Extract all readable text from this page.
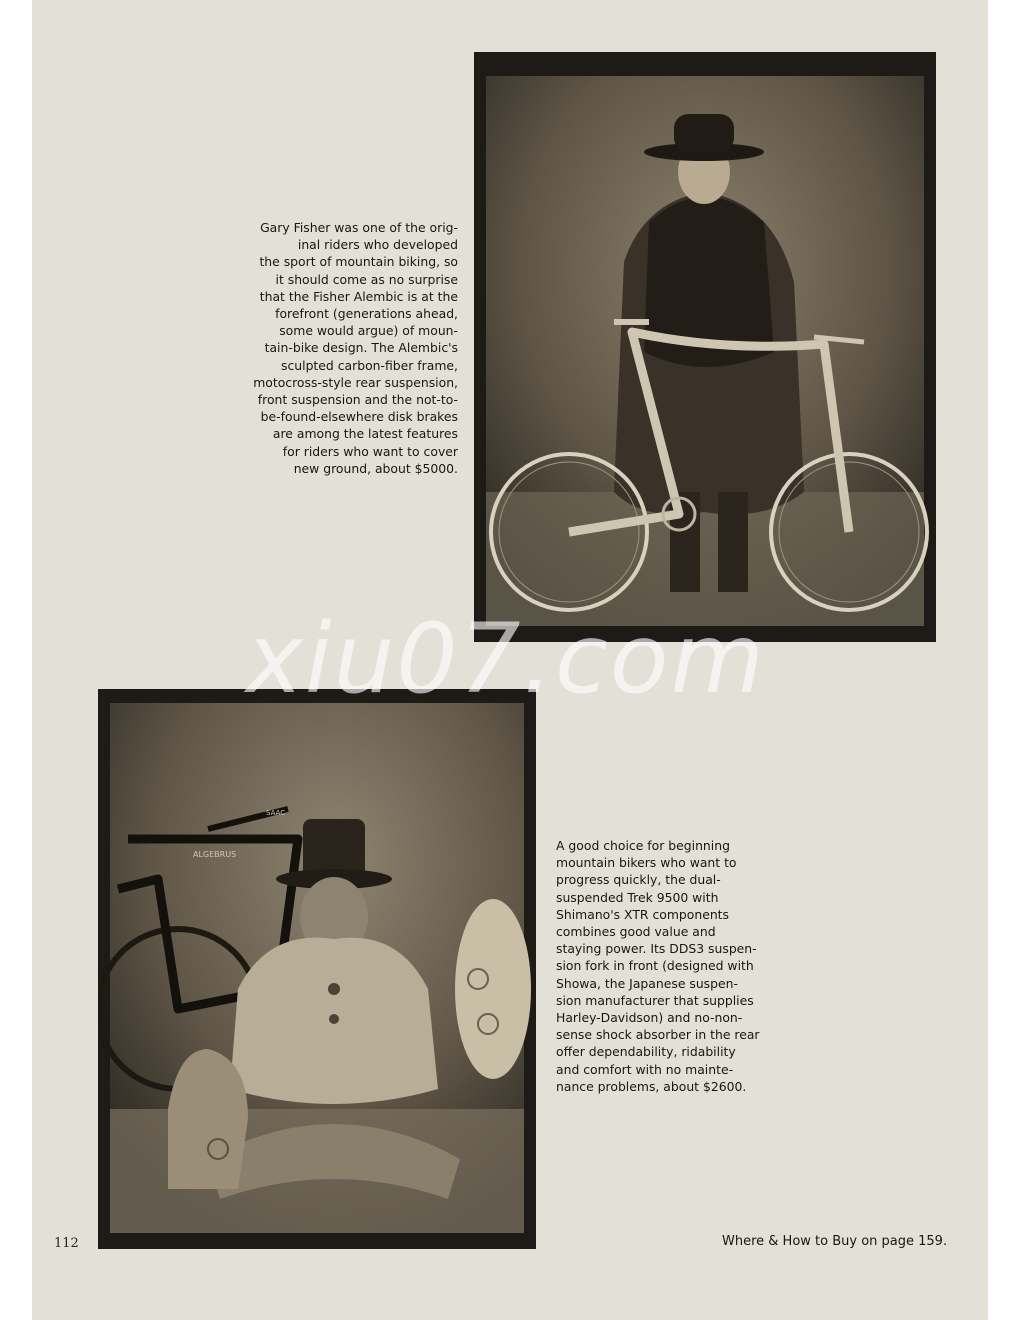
ALGEBRUS
SAAC

Gary Fisher was one of the orig-
inal riders who developed
the sport of mountain biking, so
it should come as no surprise
that the Fisher Alembic is at the
forefront (generations ahead,
some would argue) of moun-
tain-bike design. The Alembic's
sculpted carbon-fiber frame,
motocross-style rear suspension,
front suspension and the not-to-
be-found-elsewhere disk brakes
are among the latest features
for riders who want to cover
new ground, about $5000.

A good choice for beginning
mountain bikers who want to
progress quickly, the dual-
suspended Trek 9500 with
Shimano's XTR components
combines good value and
staying power. Its DDS3 suspen-
sion fork in front (designed with
Showa, the Japanese suspen-
sion manufacturer that supplies
Harley-Davidson) and no-non-
sense shock absorber in the rear
offer dependability, ridability
and comfort with no mainte-
nance problems, about $2600.

112	Where & How to Buy on page 159.
xiu07.com
